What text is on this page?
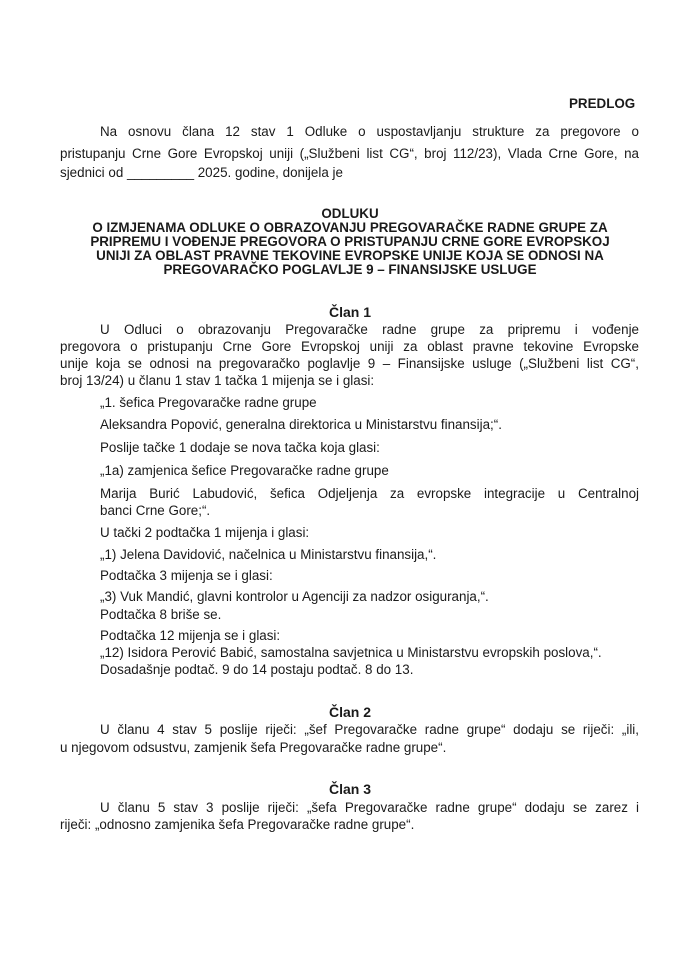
PREDLOG
Na osnovu člana 12 stav 1 Odluke o uspostavljanju strukture za pregovore o
pristupanju Crne Gore Evropskoj uniji („Službeni list CG“, broj 112/23), Vlada Crne Gore, na
sjednici od _________ 2025. godine, donijela je
ODLUKU
O IZMJENAMA ODLUKE O OBRAZOVANJU PREGOVARAČKE RADNE GRUPE ZA
PRIPREMU I VOĐENJE PREGOVORA O PRISTUPANJU CRNE GORE EVROPSKOJ
UNIJI ZA OBLAST PRAVNE TEKOVINE EVROPSKE UNIJE KOJA SE ODNOSI NA
PREGOVARAČKO POGLAVLJE 9 – FINANSIJSKE USLUGE
Član 1
U Odluci o obrazovanju Pregovaračke radne grupe za pripremu i vođenje
pregovora o pristupanju Crne Gore Evropskoj uniji za oblast pravne tekovine Evropske
unije koja se odnosi na pregovaračko poglavlje 9 – Finansijske usluge („Službeni list CG“,
broj 13/24) u članu 1 stav 1 tačka 1 mijenja se i glasi:
„1. šefica Pregovaračke radne grupe
Aleksandra Popović, generalna direktorica u Ministarstvu finansija;“.
Poslije tačke 1 dodaje se nova tačka koja glasi:
„1a) zamjenica šefice Pregovaračke radne grupe
Marija Burić Labudović, šefica Odjeljenja za evropske integracije u Centralnoj
banci Crne Gore;“.
U tački 2 podtačka 1 mijenja i glasi:
„1) Jelena Davidović, načelnica u Ministarstvu finansija,“.
Podtačka 3 mijenja se i glasi:
„3) Vuk Mandić, glavni kontrolor u Agenciji za nadzor osiguranja,“.
Podtačka 8 briše se.
Podtačka 12 mijenja se i glasi:
„12) Isidora Perović Babić, samostalna savjetnica u Ministarstvu evropskih poslova,“.
Dosadašnje podtač. 9 do 14 postaju podtač. 8 do 13.
Član 2
U članu 4 stav 5 poslije riječi: „šef Pregovaračke radne grupe“ dodaju se riječi: „ili,
u njegovom odsustvu, zamjenik šefa Pregovaračke radne grupe“.
Član 3
U članu 5 stav 3 poslije riječi: „šefa Pregovaračke radne grupe“ dodaju se zarez i
riječi: „odnosno zamjenika šefa Pregovaračke radne grupe“.
